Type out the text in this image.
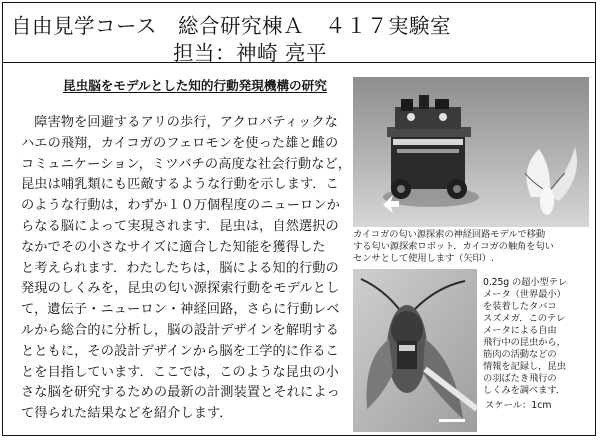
自由見学コース　総合研究棟Ａ　４１７実験室
担当：神崎 亮平
昆虫脳をモデルとした知的行動発現機構の研究
　障害物を回避するアリの歩行，アクロバティックな
ハエの飛翔，カイコガのフェロモンを使った雄と雌の
コミュニケーション，ミツバチの高度な社会行動など，
昆虫は哺乳類にも匹敵するような行動を示します．こ
のような行動は，わずか１０万個程度のニューロンか
らなる脳によって実現されます．昆虫は，自然選択の
なかでその小さなサイズに適合した知能を獲得した
と考えられます．わたしたちは，脳による知的行動の
発現のしくみを，昆虫の匂い源探索行動をモデルとし
て，遺伝子・ニューロン・神経回路，さらに行動レベ
ルから総合的に分析し，脳の設計デザインを解明する
とともに，その設計デザインから脳を工学的に作るこ
とを目指しています．ここでは，このような昆虫の小
さな脳を研究するための最新の計測装置とそれによっ
て得られた結果などを紹介します．
カイコガの匂い源探索の神経回路モデルで移動
する匂い源探索ロボット．カイコガの触角を匂い
センサとして使用します（矢印）.
0.25g の超小型テレ
メータ（世界最小）
を装着したタバコ
スズメガ．このテレ
メータによる自由
飛行中の昆虫から，
筋肉の活動などの
情報を記録し，昆虫
の羽ばたき飛行の
しくみを調べます．
スケール：1cm
